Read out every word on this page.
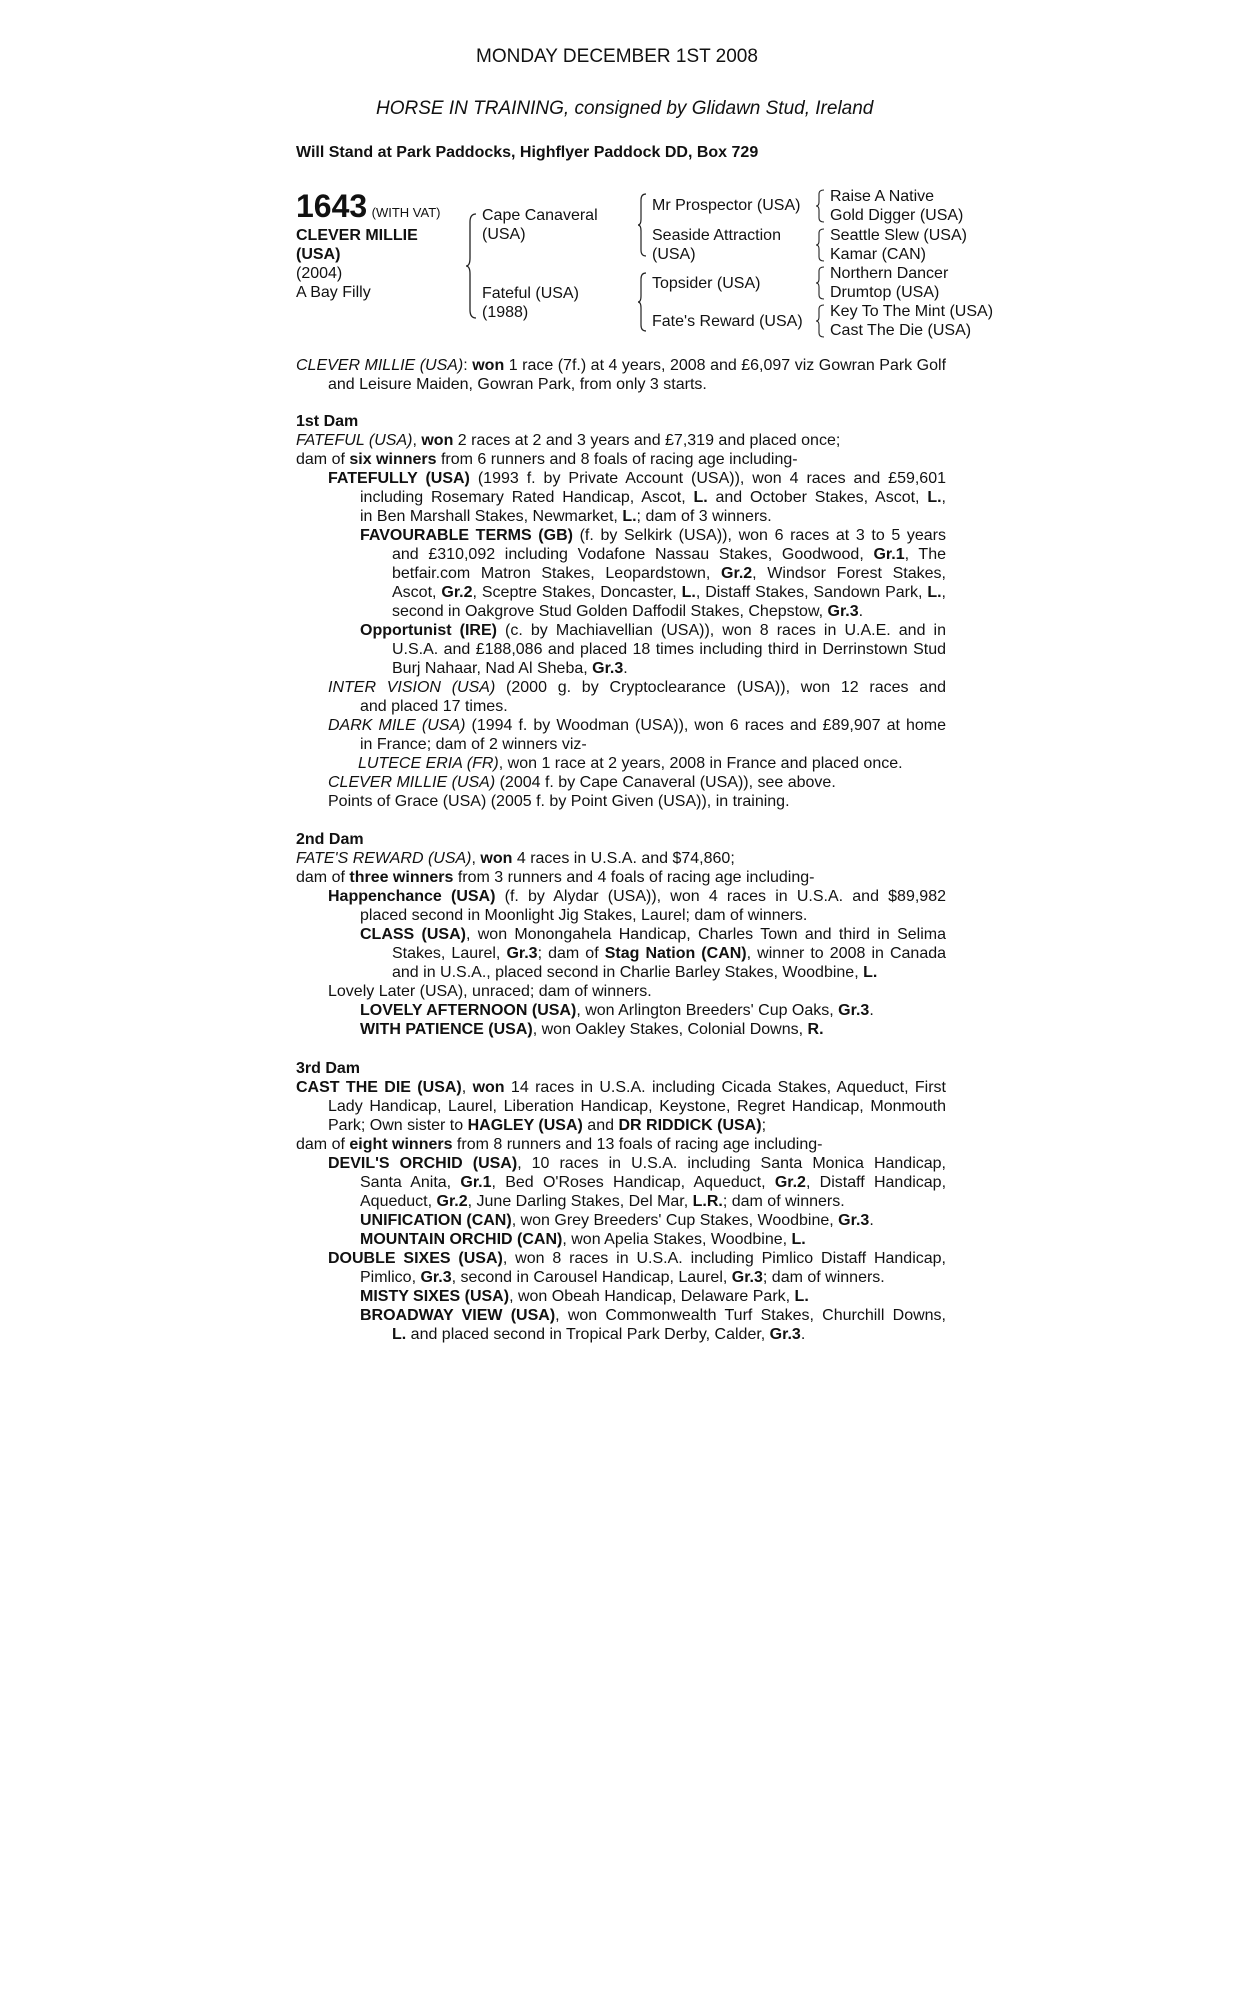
MONDAY DECEMBER 1ST 2008
HORSE IN TRAINING, consigned by Glidawn Stud, Ireland
Will Stand at Park Paddocks, Highflyer Paddock DD, Box 729
1643 (WITH VAT)
CLEVER MILLIE
(USA)
(2004)
A Bay Filly
Cape Canaveral
(USA)
Fateful (USA)
(1988)
Mr Prospector (USA)
Seaside Attraction
(USA)
Topsider (USA)
Fate's Reward (USA)
Raise A Native
Gold Digger (USA)
Seattle Slew (USA)
Kamar (CAN)
Northern Dancer
Drumtop (USA)
Key To The Mint (USA)
Cast The Die (USA)
CLEVER MILLIE (USA): won 1 race (7f.) at 4 years, 2008 and £6,097 viz Gowran Park Golf
and Leisure Maiden, Gowran Park, from only 3 starts.
1st Dam
FATEFUL (USA), won 2 races at 2 and 3 years and £7,319 and placed once;
dam of six winners from 6 runners and 8 foals of racing age including-
FATEFULLY (USA) (1993 f. by Private Account (USA)), won 4 races and £59,601
including Rosemary Rated Handicap, Ascot, L. and October Stakes, Ascot, L.,
in Ben Marshall Stakes, Newmarket, L.; dam of 3 winners.
FAVOURABLE TERMS (GB) (f. by Selkirk (USA)), won 6 races at 3 to 5 years
and £310,092 including Vodafone Nassau Stakes, Goodwood, Gr.1, The
betfair.com Matron Stakes, Leopardstown, Gr.2, Windsor Forest Stakes,
Ascot, Gr.2, Sceptre Stakes, Doncaster, L., Distaff Stakes, Sandown Park, L.,
second in Oakgrove Stud Golden Daffodil Stakes, Chepstow, Gr.3.
Opportunist (IRE) (c. by Machiavellian (USA)), won 8 races in U.A.E. and in
U.S.A. and £188,086 and placed 18 times including third in Derrinstown Stud
Burj Nahaar, Nad Al Sheba, Gr.3.
INTER VISION (USA) (2000 g. by Cryptoclearance (USA)), won 12 races and
and placed 17 times.
DARK MILE (USA) (1994 f. by Woodman (USA)), won 6 races and £89,907 at home
in France; dam of 2 winners viz-
LUTECE ERIA (FR), won 1 race at 2 years, 2008 in France and placed once.
CLEVER MILLIE (USA) (2004 f. by Cape Canaveral (USA)), see above.
Points of Grace (USA) (2005 f. by Point Given (USA)), in training.
2nd Dam
FATE'S REWARD (USA), won 4 races in U.S.A. and $74,860;
dam of three winners from 3 runners and 4 foals of racing age including-
Happenchance (USA) (f. by Alydar (USA)), won 4 races in U.S.A. and $89,982
placed second in Moonlight Jig Stakes, Laurel; dam of winners.
CLASS (USA), won Monongahela Handicap, Charles Town and third in Selima
Stakes, Laurel, Gr.3; dam of Stag Nation (CAN), winner to 2008 in Canada
and in U.S.A., placed second in Charlie Barley Stakes, Woodbine, L.
Lovely Later (USA), unraced; dam of winners.
LOVELY AFTERNOON (USA), won Arlington Breeders' Cup Oaks, Gr.3.
WITH PATIENCE (USA), won Oakley Stakes, Colonial Downs, R.
3rd Dam
CAST THE DIE (USA), won 14 races in U.S.A. including Cicada Stakes, Aqueduct, First
Lady Handicap, Laurel, Liberation Handicap, Keystone, Regret Handicap, Monmouth
Park; Own sister to HAGLEY (USA) and DR RIDDICK (USA);
dam of eight winners from 8 runners and 13 foals of racing age including-
DEVIL'S ORCHID (USA), 10 races in U.S.A. including Santa Monica Handicap,
Santa Anita, Gr.1, Bed O'Roses Handicap, Aqueduct, Gr.2, Distaff Handicap,
Aqueduct, Gr.2, June Darling Stakes, Del Mar, L.R.; dam of winners.
UNIFICATION (CAN), won Grey Breeders' Cup Stakes, Woodbine, Gr.3.
MOUNTAIN ORCHID (CAN), won Apelia Stakes, Woodbine, L.
DOUBLE SIXES (USA), won 8 races in U.S.A. including Pimlico Distaff Handicap,
Pimlico, Gr.3, second in Carousel Handicap, Laurel, Gr.3; dam of winners.
MISTY SIXES (USA), won Obeah Handicap, Delaware Park, L.
BROADWAY VIEW (USA), won Commonwealth Turf Stakes, Churchill Downs,
L. and placed second in Tropical Park Derby, Calder, Gr.3.
